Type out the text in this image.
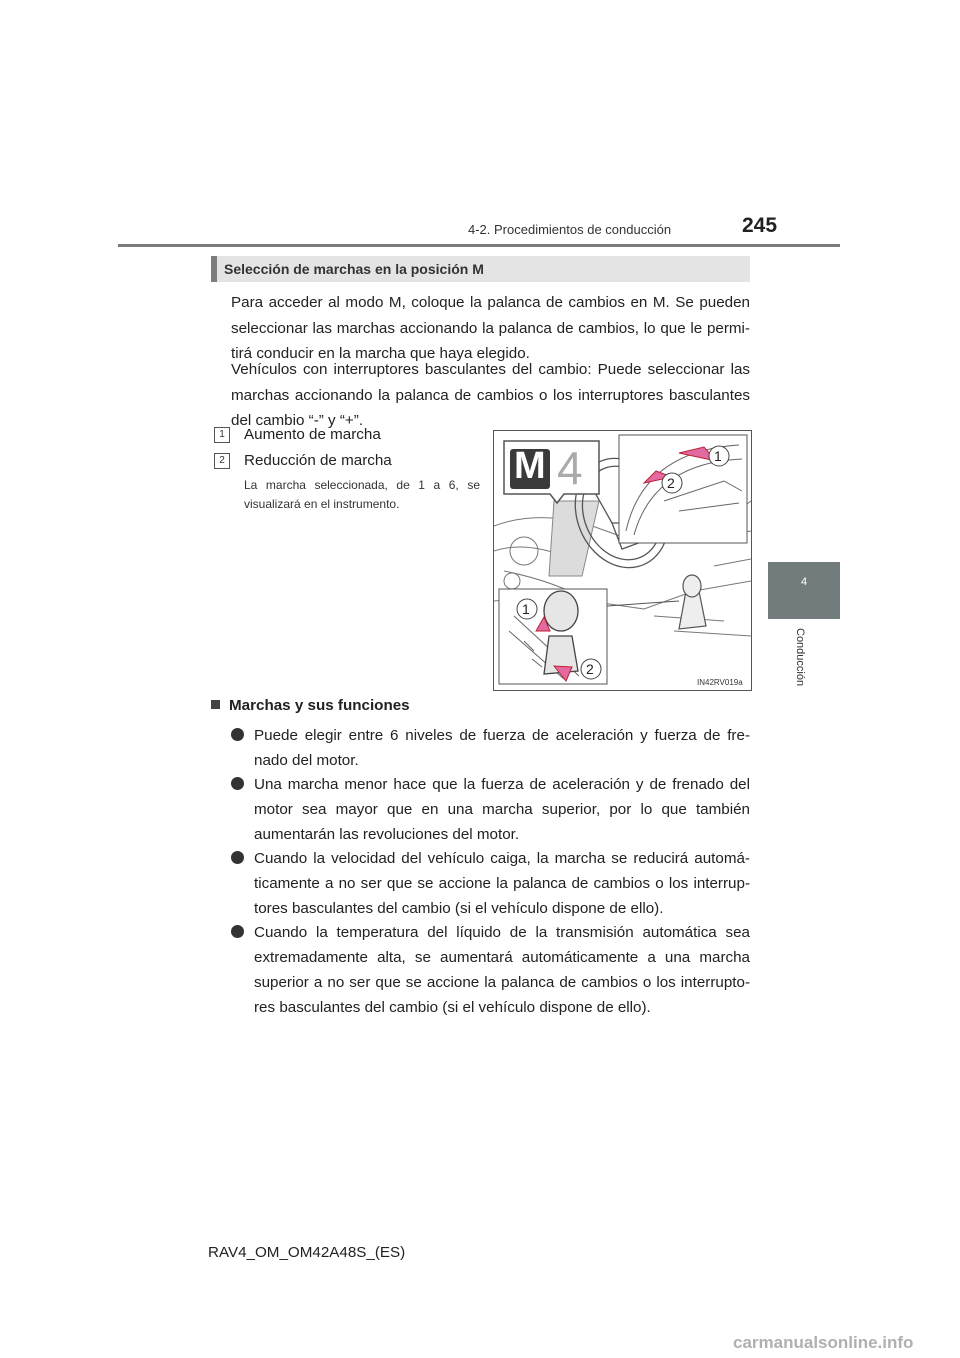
4-2. Procedimientos de conducción	245
4
Conducción
Selección de marchas en la posición M
Para acceder al modo M, coloque la palanca de cambios en M. Se pueden seleccionar las marchas accionando la palanca de cambios, lo que le permi- tirá conducir en la marcha que haya elegido.
Vehículos con interruptores basculantes del cambio: Puede seleccionar las marchas accionando la palanca de cambios o los interruptores basculantes del cambio “-” y “+”.
1	Aumento de marcha
2	Reducción de marcha
La marcha seleccionada, de 1 a 6, se visualizará en el instrumento.
M 4	1
2
1
2
IN42RV019a
Marchas y sus funciones
Puede elegir entre 6 niveles de fuerza de aceleración y fuerza de fre- nado del motor.
Una marcha menor hace que la fuerza de aceleración y de frenado del motor sea mayor que en una marcha superior, por lo que también aumentarán las revoluciones del motor.
Cuando la velocidad del vehículo caiga, la marcha se reducirá automá- ticamente a no ser que se accione la palanca de cambios o los interrup- tores basculantes del cambio (si el vehículo dispone de ello).
Cuando la temperatura del líquido de la transmisión automática sea extremadamente alta, se aumentará automáticamente a una marcha superior a no ser que se accione la palanca de cambios o los interrupto- res basculantes del cambio (si el vehículo dispone de ello).
RAV4_OM_OM42A48S_(ES)
carmanualsonline.info
